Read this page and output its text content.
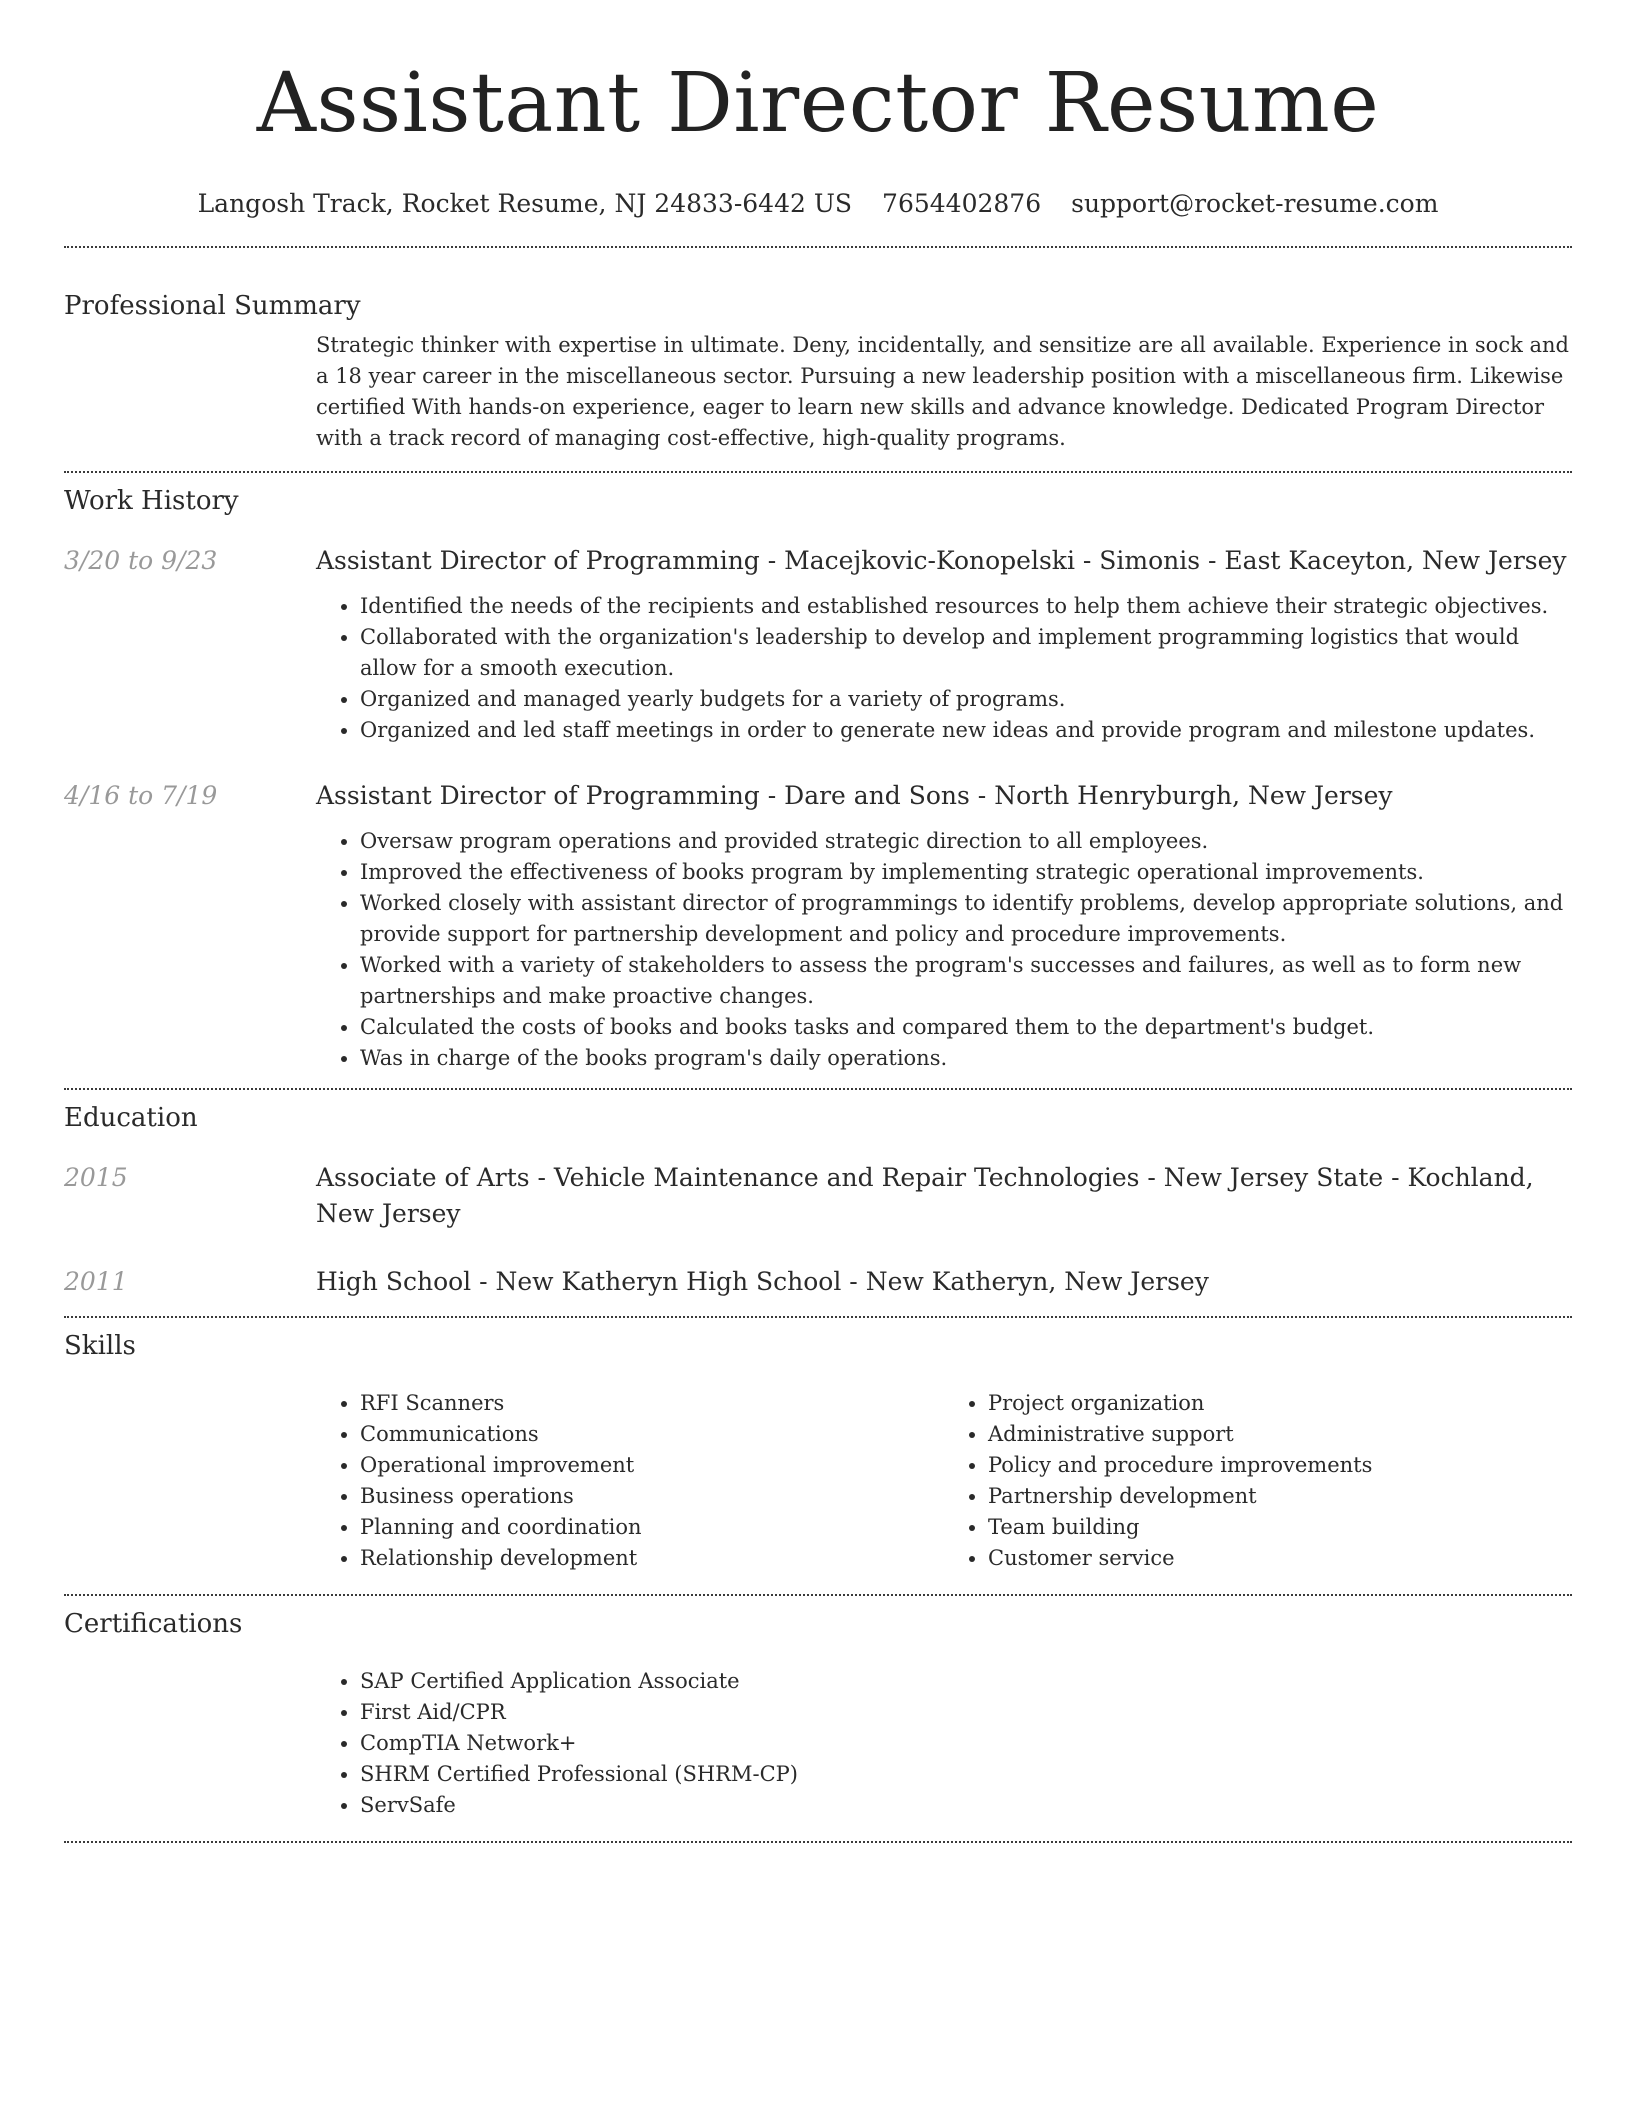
Assistant Director Resume
Langosh Track, Rocket Resume, NJ 24833-6442 US 7654402876 support@rocket-resume.com
Professional Summary

Strategic thinker with expertise in ultimate. Deny, incidentally, and sensitize are all available. Experience in sock and a 18 year career in the miscellaneous sector. Pursuing a new leadership position with a miscellaneous firm. Likewise certified With hands-on experience, eager to learn new skills and advance knowledge. Dedicated Program Director with a track record of managing cost-effective, high-quality programs.

Work History
3/20 to 9/23	Assistant Director of Programming - Macejkovic-Konopelski - Simonis - East Kaceyton, New Jersey
• Identified the needs of the recipients and established resources to help them achieve their strategic objectives.
• Collaborated with the organization's leadership to develop and implement programming logistics that would allow for a smooth execution.
• Organized and managed yearly budgets for a variety of programs.
• Organized and led staff meetings in order to generate new ideas and provide program and milestone updates.
4/16 to 7/19	Assistant Director of Programming - Dare and Sons - North Henryburgh, New Jersey
• Oversaw program operations and provided strategic direction to all employees.
• Improved the effectiveness of books program by implementing strategic operational improvements.
• Worked closely with assistant director of programmings to identify problems, develop appropriate solutions, and provide support for partnership development and policy and procedure improvements.
• Worked with a variety of stakeholders to assess the program's successes and failures, as well as to form new partnerships and make proactive changes.
• Calculated the costs of books and books tasks and compared them to the department's budget.
• Was in charge of the books program's daily operations.
Education
2015	Associate of Arts - Vehicle Maintenance and Repair Technologies - New Jersey State - Kochland, New Jersey
2011	High School - New Katheryn High School - New Katheryn, New Jersey
Skills
• RFI Scanners
• Communications
• Operational improvement
• Business operations
• Planning and coordination
• Relationship development
• Project organization
• Administrative support
• Policy and procedure improvements
• Partnership development
• Team building
• Customer service
Certifications
• SAP Certified Application Associate
• First Aid/CPR
• CompTIA Network+
• SHRM Certified Professional (SHRM-CP)
• ServSafe
